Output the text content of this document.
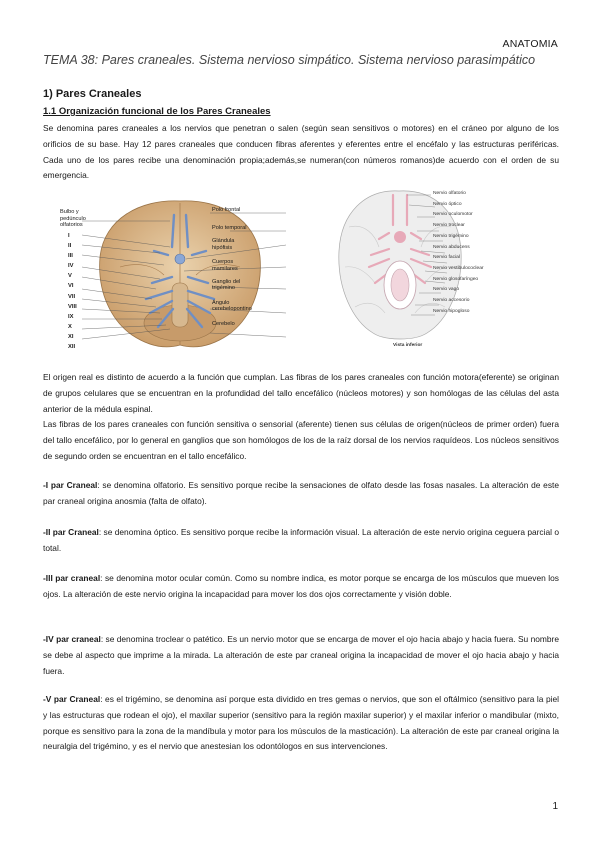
ANATOMIA
TEMA 38: Pares craneales. Sistema nervioso simpático. Sistema nervioso parasimpático
1) Pares Craneales
1.1 Organización funcional de los Pares Craneales
Se denomina pares craneales a los nervios que penetran o salen (según sean sensitivos o motores) en el cráneo por alguno de los orificios de su base. Hay 12 pares craneales que conducen fibras aferentes y eferentes entre el encéfalo y las estructuras periféricas. Cada uno de los pares recibe una denominación propia;además,se numeran(con números romanos)de acuerdo con el orden de su emergencia.
Bulbo y
pedúnculo
olfatorios
I
II
III
IV
V
VI
VII
VIII
IX
X
XI
XII
Polo frontal
Polo temporal
Glándula
hipófisis
Cuerpos
mamilares
Ganglio del
trigémino
Ángulo
cerebelopontino
Cerebelo
Nervio olfatorio
Nervio óptico
Nervio oculomotor
Nervio troclear
Nervio trigémino
Nervio abducens
Nervio facial
Nervio vestibulococlear
Nervio glosofaríngeo
Nervio vago
Nervio accesorio
Nervio hipogloso
Vista inferior
El origen real es distinto de acuerdo a la función que cumplan. Las fibras de los pares craneales con función motora(eferente) se originan de grupos celulares que se encuentran en la profundidad del tallo encefálico (núcleos motores) y son homólogas de las células del asta anterior de la médula espinal.
Las fibras de los pares craneales con función sensitiva o sensorial (aferente) tienen sus células de origen(núcleos de primer orden) fuera del tallo encefálico, por lo general en ganglios que son homólogos de los de la raíz dorsal de los nervios raquídeos. Los núcleos sensitivos de segundo orden se encuentran en el tallo encefálico.
-I par Craneal: se denomina olfatorio. Es sensitivo porque recibe la sensaciones de olfato desde las fosas nasales. La alteración de este par craneal origina anosmia (falta de olfato).
-II par Craneal: se denomina óptico. Es sensitivo porque recibe la información visual. La alteración de este nervio origina ceguera parcial o total.
-III par craneal: se denomina motor ocular común. Como su nombre indica, es motor porque se encarga de los músculos que mueven los ojos. La alteración de este nervio origina la incapacidad para mover los dos ojos correctamente y visión doble.
-IV par craneal: se denomina troclear o patético. Es un nervio motor que se encarga de mover el ojo hacia abajo y hacia fuera. Su nombre se debe al aspecto que imprime a la mirada. La alteración de este par craneal origina la incapacidad de mover el ojo hacia abajo y hacia fuera.
-V par Craneal: es el trigémino, se denomina así porque esta dividido en tres gemas o nervios, que son el oftálmico (sensitivo para la piel y las estructuras que rodean el ojo), el maxilar superior (sensitivo para la región maxilar superior) y el maxilar inferior o mandibular (mixto, porque es sensitivo para la zona de la mandíbula y motor para los músculos de la masticación). La alteración de este par craneal origina la neuralgia del trigémino, y es el nervio que anestesian los odontólogos en sus intervenciones.
1
